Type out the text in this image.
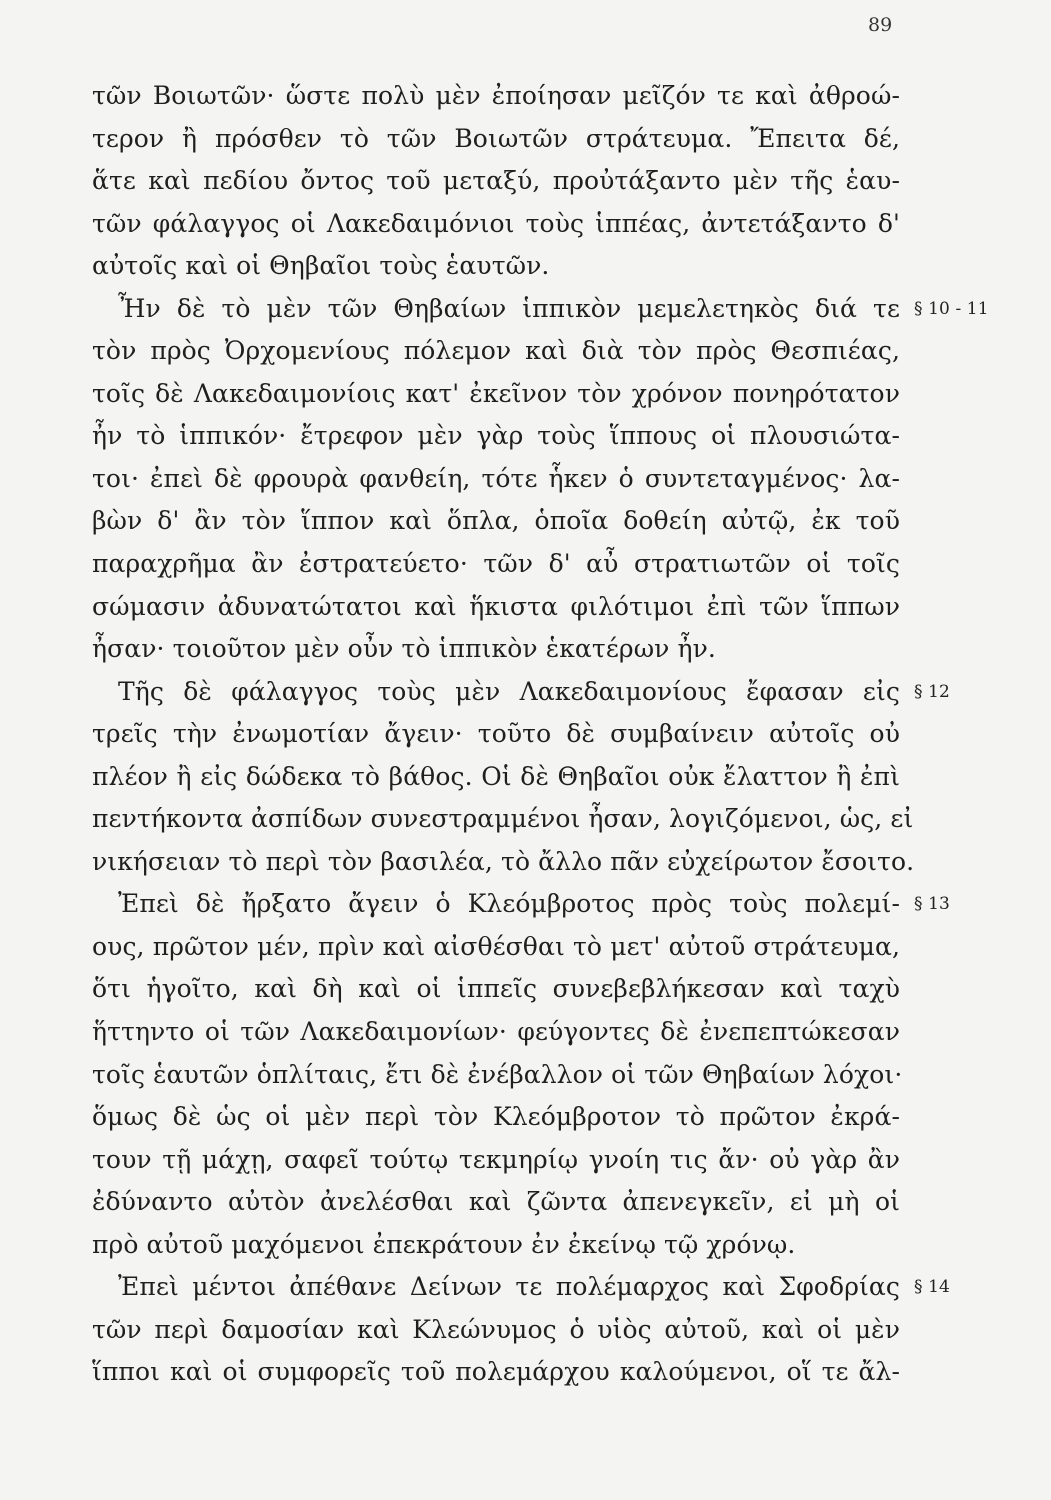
89
τῶν Βοιωτῶν· ὥστε πολὺ μὲν ἐποίησαν μεῖζόν τε καὶ ἀθροώ-
τερον ἢ πρόσθεν τὸ τῶν Βοιωτῶν στράτευμα. Ἔπειτα δέ,
ἅτε καὶ πεδίου ὄντος τοῦ μεταξύ, προὐτάξαντο μὲν τῆς ἑαυ-
τῶν φάλαγγος οἱ Λακεδαιμόνιοι τοὺς ἱππέας, ἀντετάξαντο δ'
αὐτοῖς καὶ οἱ Θηβαῖοι τοὺς ἑαυτῶν.
Ἦν δὲ τὸ μὲν τῶν Θηβαίων ἱππικὸν μεμελετηκὸς διά τε § 10 - 11
τὸν πρὸς Ὀρχομενίους πόλεμον καὶ διὰ τὸν πρὸς Θεσπιέας,
τοῖς δὲ Λακεδαιμονίοις κατ' ἐκεῖνον τὸν χρόνον πονηρότατον
ἦν τὸ ἱππικόν· ἔτρεφον μὲν γὰρ τοὺς ἵππους οἱ πλουσιώτα-
τοι· ἐπεὶ δὲ φρουρὰ φανθείη, τότε ἧκεν ὁ συντεταγμένος· λα-
βὼν δ' ἂν τὸν ἵππον καὶ ὅπλα, ὁποῖα δοθείη αὐτῷ, ἐκ τοῦ
παραχρῆμα ἂν ἐστρατεύετο· τῶν δ' αὖ στρατιωτῶν οἱ τοῖς
σώμασιν ἀδυνατώτατοι καὶ ἥκιστα φιλότιμοι ἐπὶ τῶν ἵππων
ἦσαν· τοιοῦτον μὲν οὖν τὸ ἱππικὸν ἑκατέρων ἦν.
Τῆς δὲ φάλαγγος τοὺς μὲν Λακεδαιμονίους ἔφασαν εἰς § 12
τρεῖς τὴν ἐνωμοτίαν ἄγειν· τοῦτο δὲ συμβαίνειν αὐτοῖς οὐ
πλέον ἢ εἰς δώδεκα τὸ βάθος. Οἱ δὲ Θηβαῖοι οὐκ ἔλαττον ἢ ἐπὶ
πεντήκοντα ἀσπίδων συνεστραμμένοι ἦσαν, λογιζόμενοι, ὡς, εἰ
νικήσειαν τὸ περὶ τὸν βασιλέα, τὸ ἄλλο πᾶν εὐχείρωτον ἔσοιτο.
Ἐπεὶ δὲ ἤρξατο ἄγειν ὁ Κλεόμβροτος πρὸς τοὺς πολεμί- § 13
ους, πρῶτον μέν, πρὶν καὶ αἰσθέσθαι τὸ μετ' αὐτοῦ στράτευμα,
ὅτι ἡγοῖτο, καὶ δὴ καὶ οἱ ἱππεῖς συνεβεβλήκεσαν καὶ ταχὺ
ἥττηντο οἱ τῶν Λακεδαιμονίων· φεύγοντες δὲ ἐνεπεπτώκεσαν
τοῖς ἑαυτῶν ὁπλίταις, ἔτι δὲ ἐνέβαλλον οἱ τῶν Θηβαίων λόχοι·
ὅμως δὲ ὡς οἱ μὲν περὶ τὸν Κλεόμβροτον τὸ πρῶτον ἐκρά-
τουν τῇ μάχῃ, σαφεῖ τούτῳ τεκμηρίῳ γνοίη τις ἄν· οὐ γὰρ ἂν
ἐδύναντο αὐτὸν ἀνελέσθαι καὶ ζῶντα ἀπενεγκεῖν, εἰ μὴ οἱ
πρὸ αὐτοῦ μαχόμενοι ἐπεκράτουν ἐν ἐκείνῳ τῷ χρόνῳ.
Ἐπεὶ μέντοι ἀπέθανε Δείνων τε πολέμαρχος καὶ Σφοδρίας § 14
τῶν περὶ δαμοσίαν καὶ Κλεώνυμος ὁ υἱὸς αὐτοῦ, καὶ οἱ μὲν
ἵπποι καὶ οἱ συμφορεῖς τοῦ πολεμάρχου καλούμενοι, οἵ τε ἄλ-
